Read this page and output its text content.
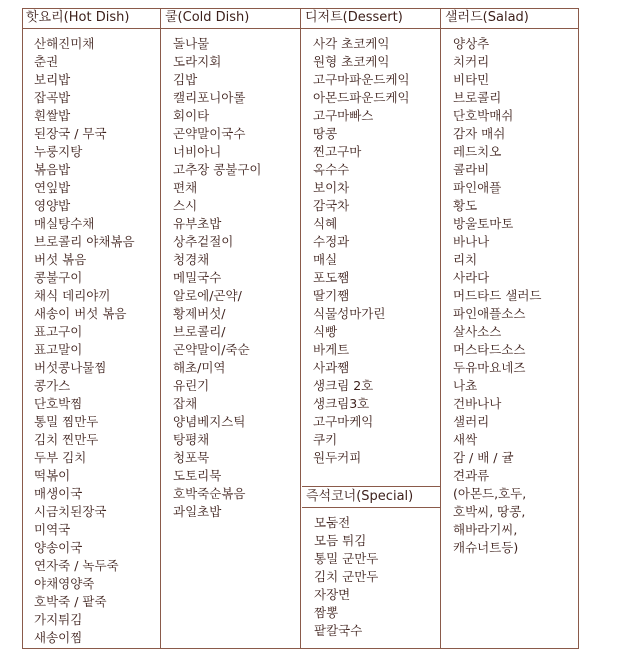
핫요리(Hot Dish)
산해진미채
춘권
보리밥
잡곡밥
흰쌀밥
된장국 / 무국
누룽지탕
볶음밥
연잎밥
영양밥
매실탕수채
브로콜리 야채볶음
버섯 볶음
콩불구이
채식 데리야끼
새송이 버섯 볶음
표고구이
표고말이
버섯콩나물찜
콩가스
단호박찜
통밀 찜만두
김치 찐만두
두부 김치
떡볶이
매생이국
시금치된장국
미역국
양송이국
연자죽 / 녹두죽
야채영양죽
호박죽 / 팥죽
가지튀김
새송이찜
쿨(Cold Dish)
돌나물
도라지회
김밥
캘리포니아롤
회이타
곤약말이국수
너비아니
고추장 콩불구이
편채
스시
유부초밥
상추겉절이
청경채
메밀국수
알로에/곤약/
황제버섯/
브로콜리/
곤약말이/죽순
해초/미역
유린기
잡채
양념베지스틱
탕평채
청포묵
도토리묵
호박죽순볶음
과일초밥
디저트(Dessert)
사각 초코케익
원형 초코케익
고구마파운드케익
아몬드파운드케익
고구마빠스
땅콩
찐고구마
옥수수
보이차
감국차
식혜
수정과
매실
포도쨈
딸기쨈
식물성마가린
식빵
바게트
사과쨈
생크림 2호
생크림3호
고구마케익
쿠키
원두커피
샐러드(Salad)
양상추
치커리
비타민
브로콜리
단호박매쉬
감자 매쉬
레드치오
콜라비
파인애플
황도
방울토마토
바나나
리치
사라다
머드타드 샐러드
파인애플소스
살사소스
머스타드소스
두유마요네즈
나쵸
건바나나
샐러리
새싹
감 / 배 / 귤
견과류
(아몬드,호두,
호박씨, 땅콩,
해바라기씨,
캐슈너트등)
즉석코너(Special)
모둠전
모듬 튀김
통밀 군만두
김치 군만두
자장면
짬뽕
팥칼국수
